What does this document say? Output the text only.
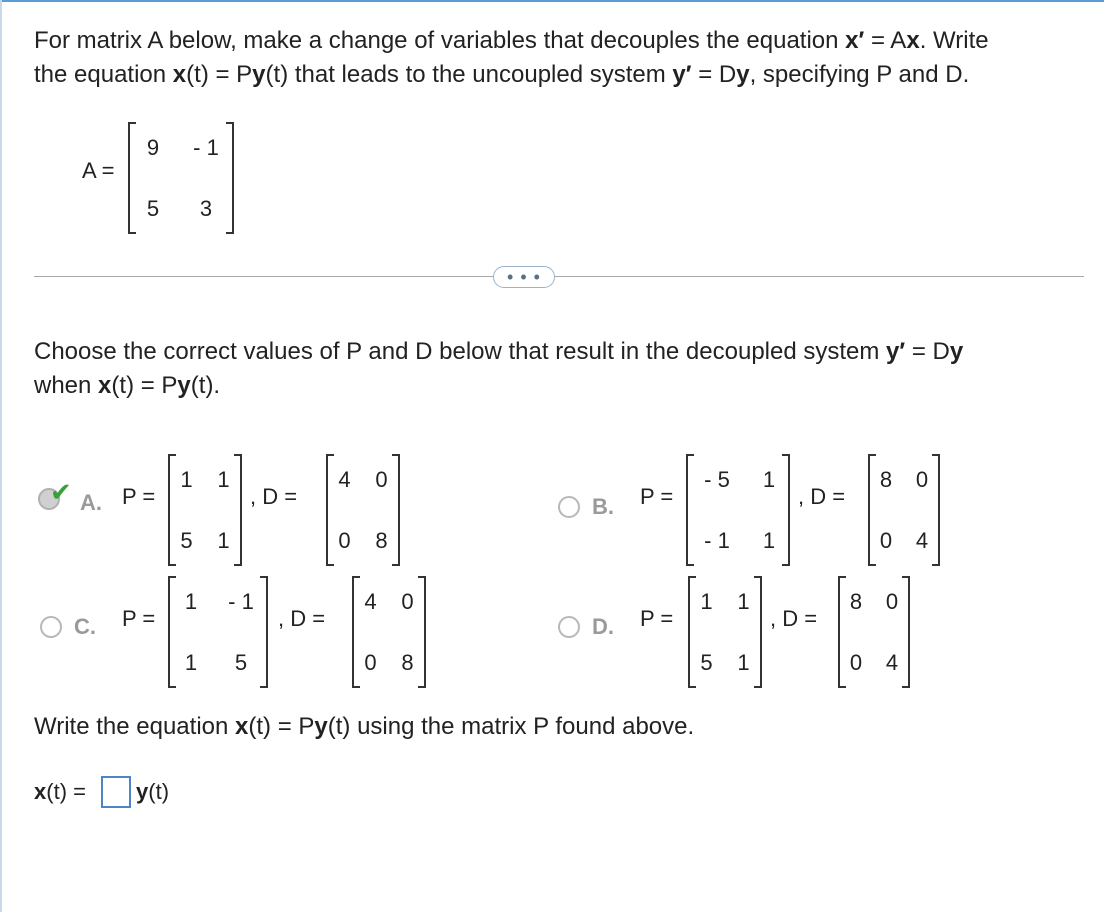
For matrix A below, make a change of variables that decouples the equation x′ = Ax. Write
the equation x(t) = Py(t) that leads to the uncoupled system y′ = Dy, specifying P and D.
A =
9	- 1
5	3
• • •
Choose the correct values of P and D below that result in the decoupled system y′ = Dy
when x(t) = Py(t).
✔ A. P =
1	1
5	1
, D =
4	0
0	8
B. P =
- 5	1
- 1	1
, D =
8	0
0	4
C. P =
1	- 1
1	5
, D =
4	0
0	8
D. P =
1	1
5	1
, D =
8	0
0	4
Write the equation x(t) = Py(t) using the matrix P found above.
x(t) = y(t)
